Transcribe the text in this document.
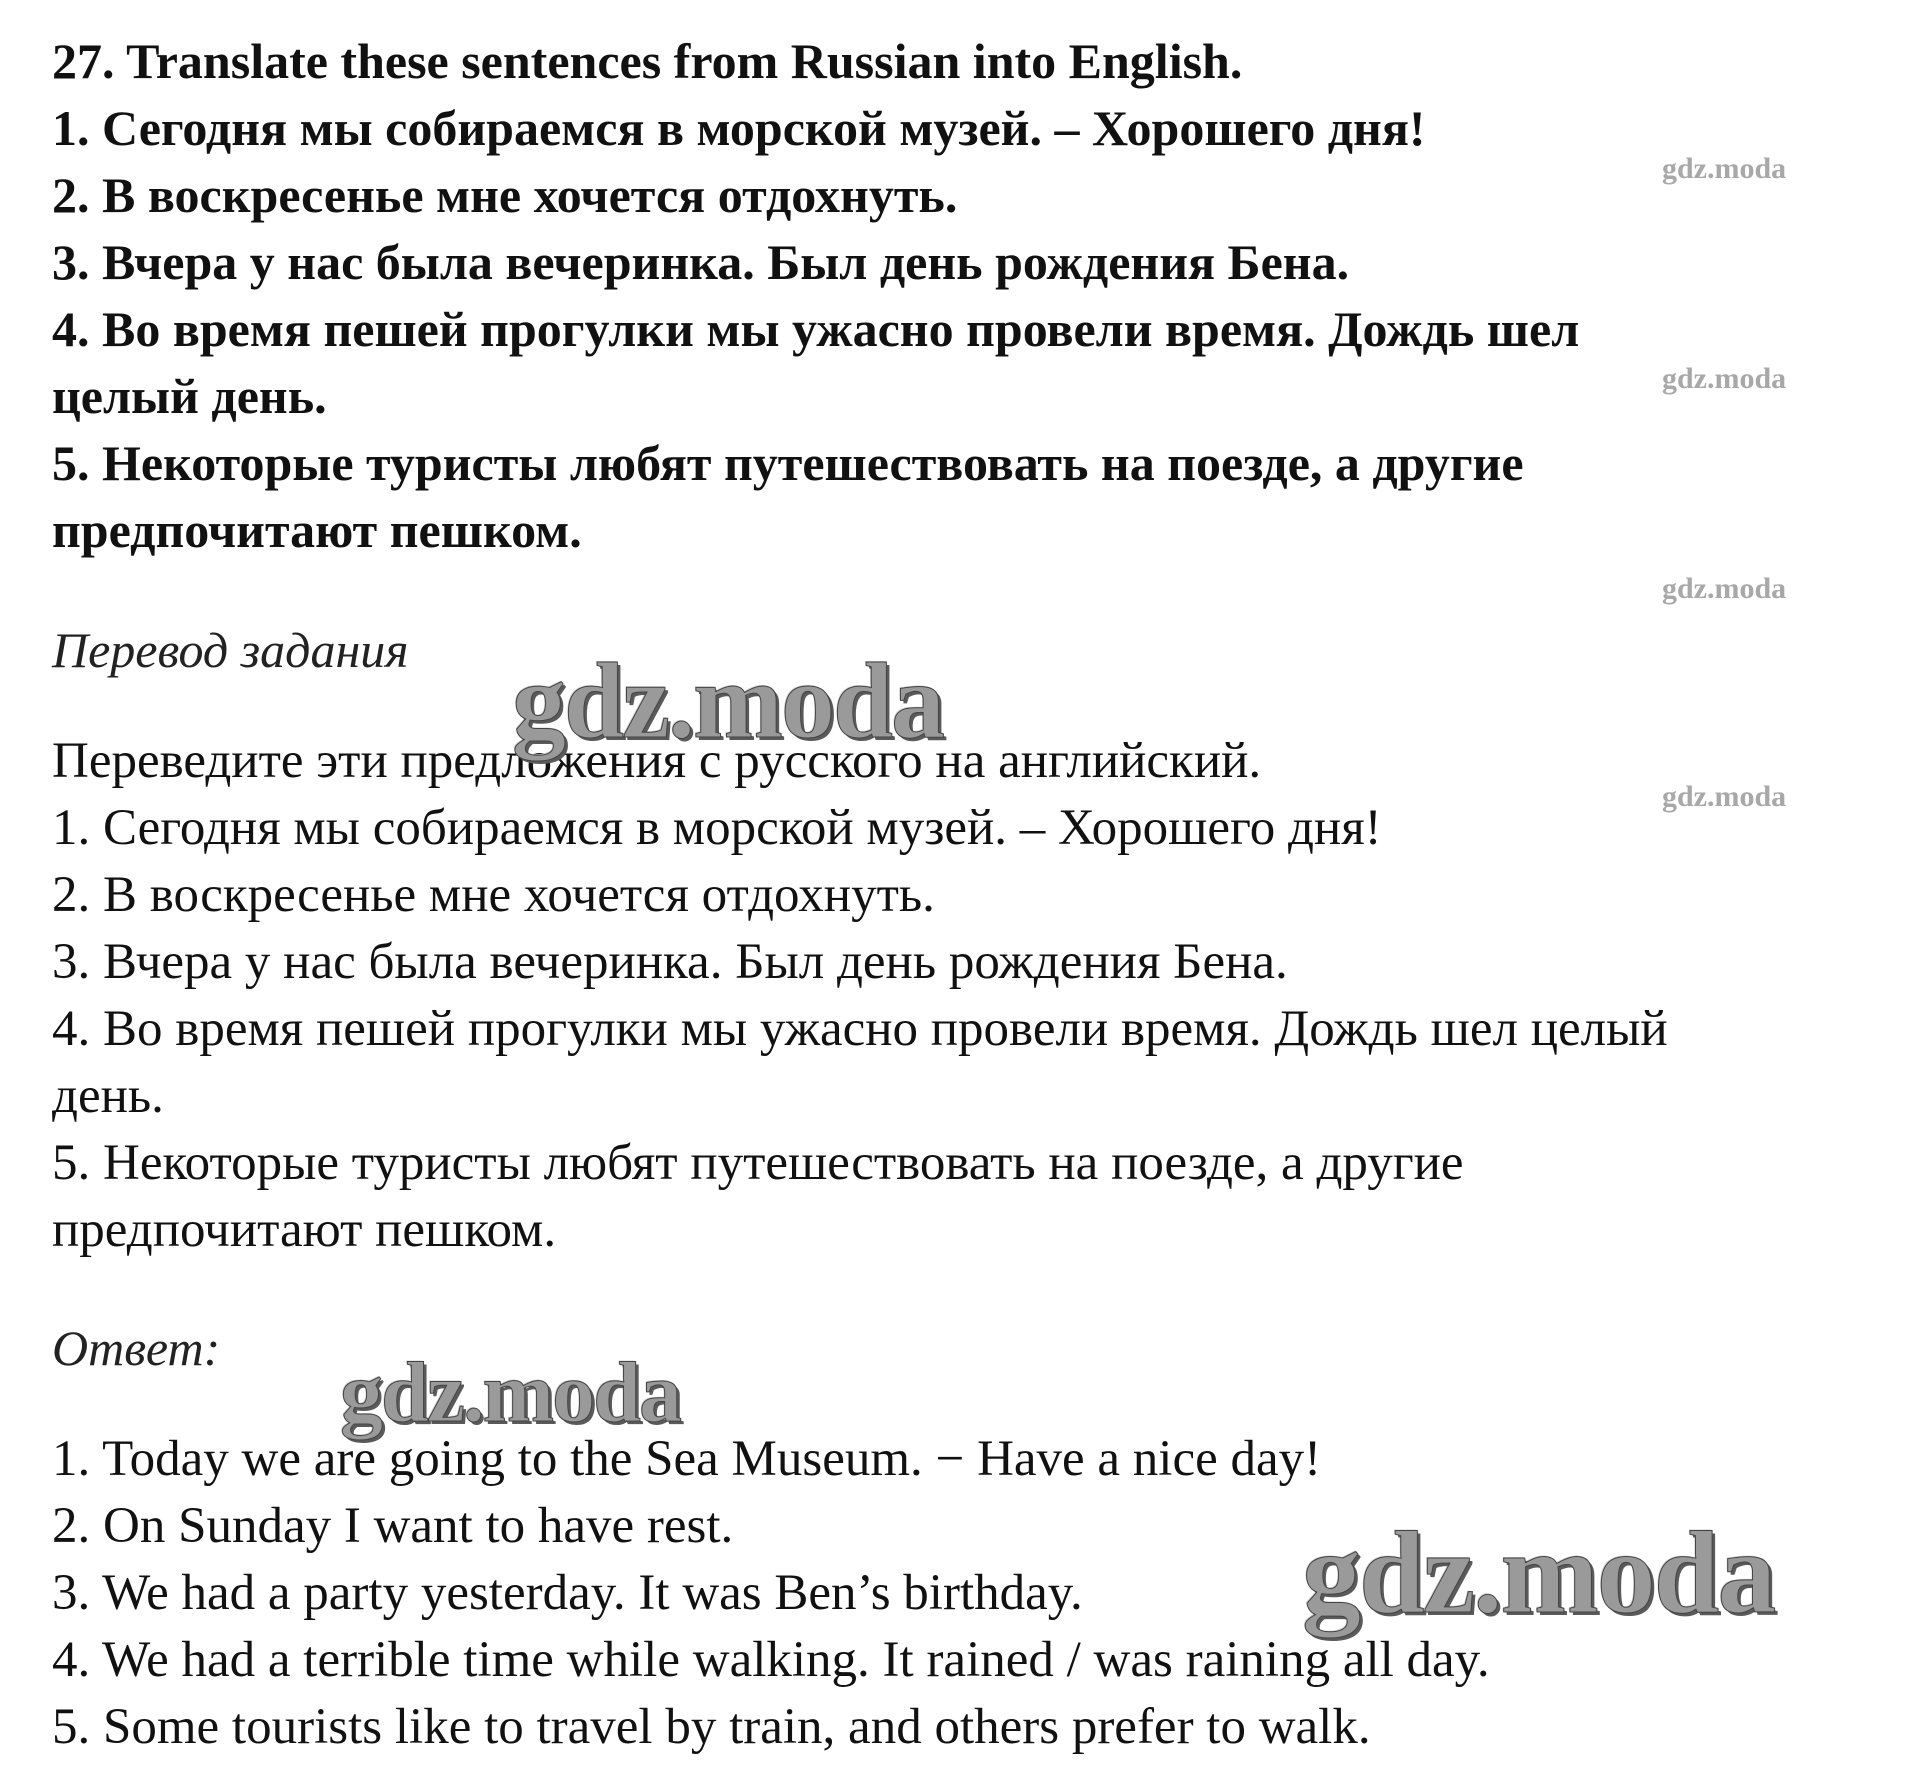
27. Translate these sentences from Russian into English.
1. Сегодня мы собираемся в морской музей. – Хорошего дня!
2. В воскресенье мне хочется отдохнуть.
3. Вчера у нас была вечеринка. Был день рождения Бена.
4. Во время пешей прогулки мы ужасно провели время. Дождь шел
целый день.
5. Некоторые туристы любят путешествовать на поезде, а другие
предпочитают пешком.
Перевод задания
Переведите эти предложения с русского на английский.
1. Сегодня мы собираемся в морской музей. – Хорошего дня!
2. В воскресенье мне хочется отдохнуть.
3. Вчера у нас была вечеринка. Был день рождения Бена.
4. Во время пешей прогулки мы ужасно провели время. Дождь шел целый
день.
5. Некоторые туристы любят путешествовать на поезде, а другие
предпочитают пешком.
Ответ:
1. Today we are going to the Sea Museum. − Have a nice day!
2. On Sunday I want to have rest.
3. We had a party yesterday. It was Ben’s birthday.
4. We had a terrible time while walking. It rained / was raining all day.
5. Some tourists like to travel by train, and others prefer to walk.
gdz.moda
gdz.moda
gdz.moda
gdz.moda
gdz.moda
gdz.moda
gdz.moda
